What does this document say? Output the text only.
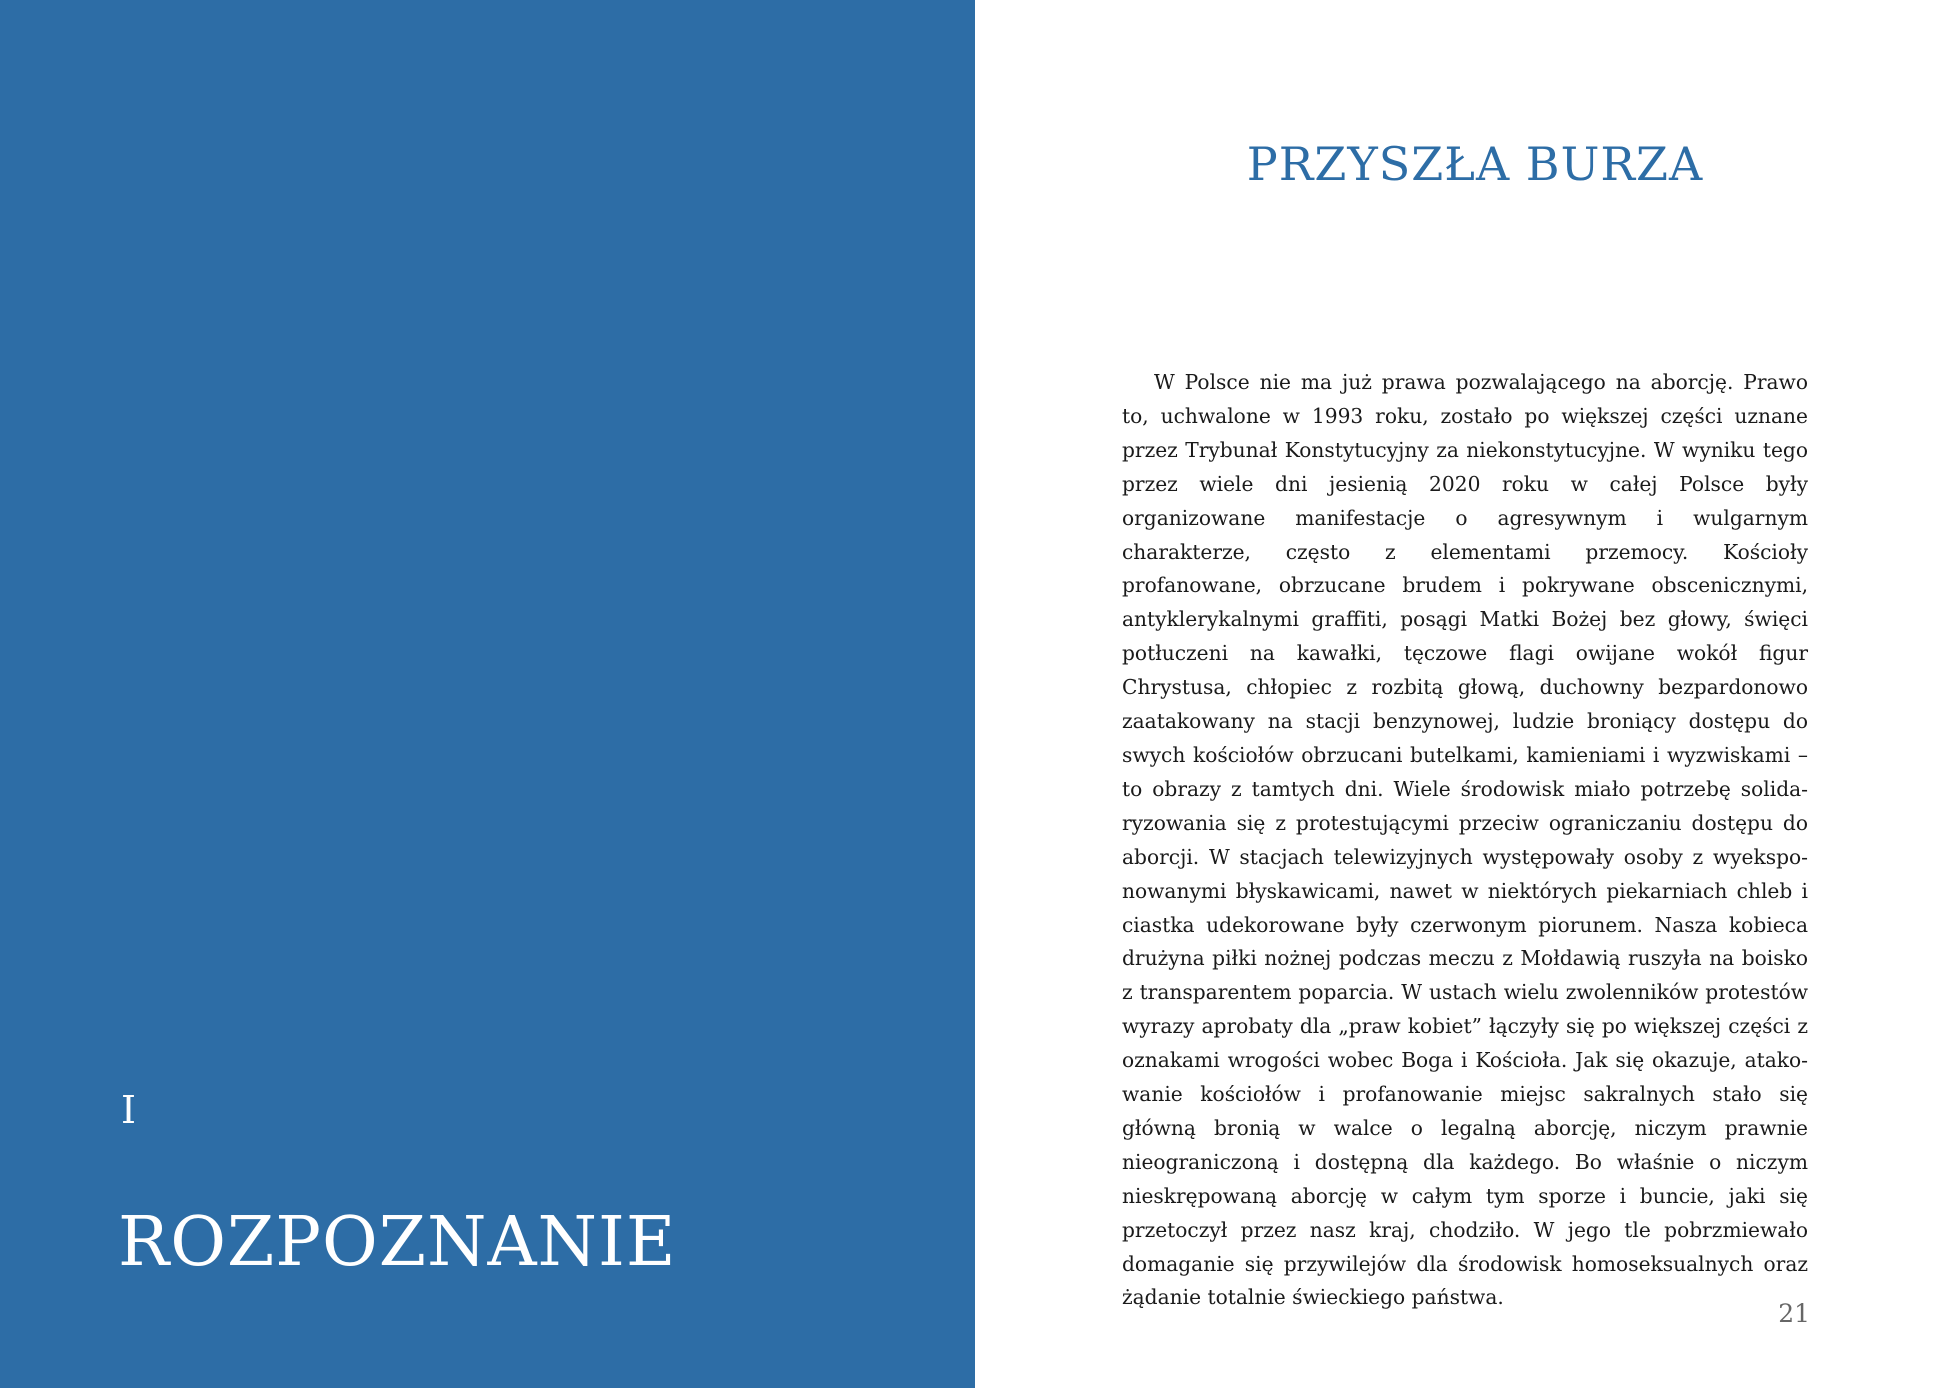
I
ROZPOZNANIE
PRZYSZŁA BURZA

W Polsce nie ma już prawa pozwalającego na aborcję. Prawo to, uchwalone w 1993 roku, zostało po większej części uznane przez Trybunał Konstytucyjny za niekonstytucyjne. W wyniku tego przez wiele dni jesienią 2020 roku w całej Polsce były organizowane manifestacje o agresywnym i wulgarnym charakterze, często z elementami przemocy. Kościoły profanowane, obrzucane brudem i pokrywane obscenicznymi, antyklerykalnymi graffiti, posągi Matki Bożej bez głowy, święci potłuczeni na kawałki, tęczowe flagi owijane wokół figur Chrystusa, chłopiec z rozbitą głową, duchowny bezpardonowo zaatakowany na stacji benzynowej, ludzie broniący dostępu do swych kościołów obrzucani butelkami, kamieniami i wyzwiskami – to obrazy z tamtych dni. Wiele środowisk miało potrzebę solidaryzowania się z protestującymi przeciw ograniczaniu dostępu do aborcji. W stacjach telewizyjnych występowały osoby z wyeksponowanymi błyskawicami, nawet w niektórych piekarniach chleb i ciastka udekorowane były czerwonym piorunem. Nasza kobieca drużyna piłki nożnej podczas meczu z Mołdawią ruszyła na boisko z transparentem poparcia. W ustach wielu zwolenników protestów wyrazy aprobaty dla „praw kobiet” łączyły się po większej części z oznakami wrogości wobec Boga i Kościoła. Jak się okazuje, atakowanie kościołów i profanowanie miejsc sakralnych stało się główną bronią w walce o legalną aborcję, niczym prawnie nieograniczoną i dostępną dla każdego. Bo właśnie o niczym nieskrępowaną aborcję w całym tym sporze i buncie, jaki się przetoczył przez nasz kraj, chodziło. W jego tle pobrzmiewało domaganie się przywilejów dla środowisk homoseksualnych oraz żądanie totalnie świeckiego państwa.

21
